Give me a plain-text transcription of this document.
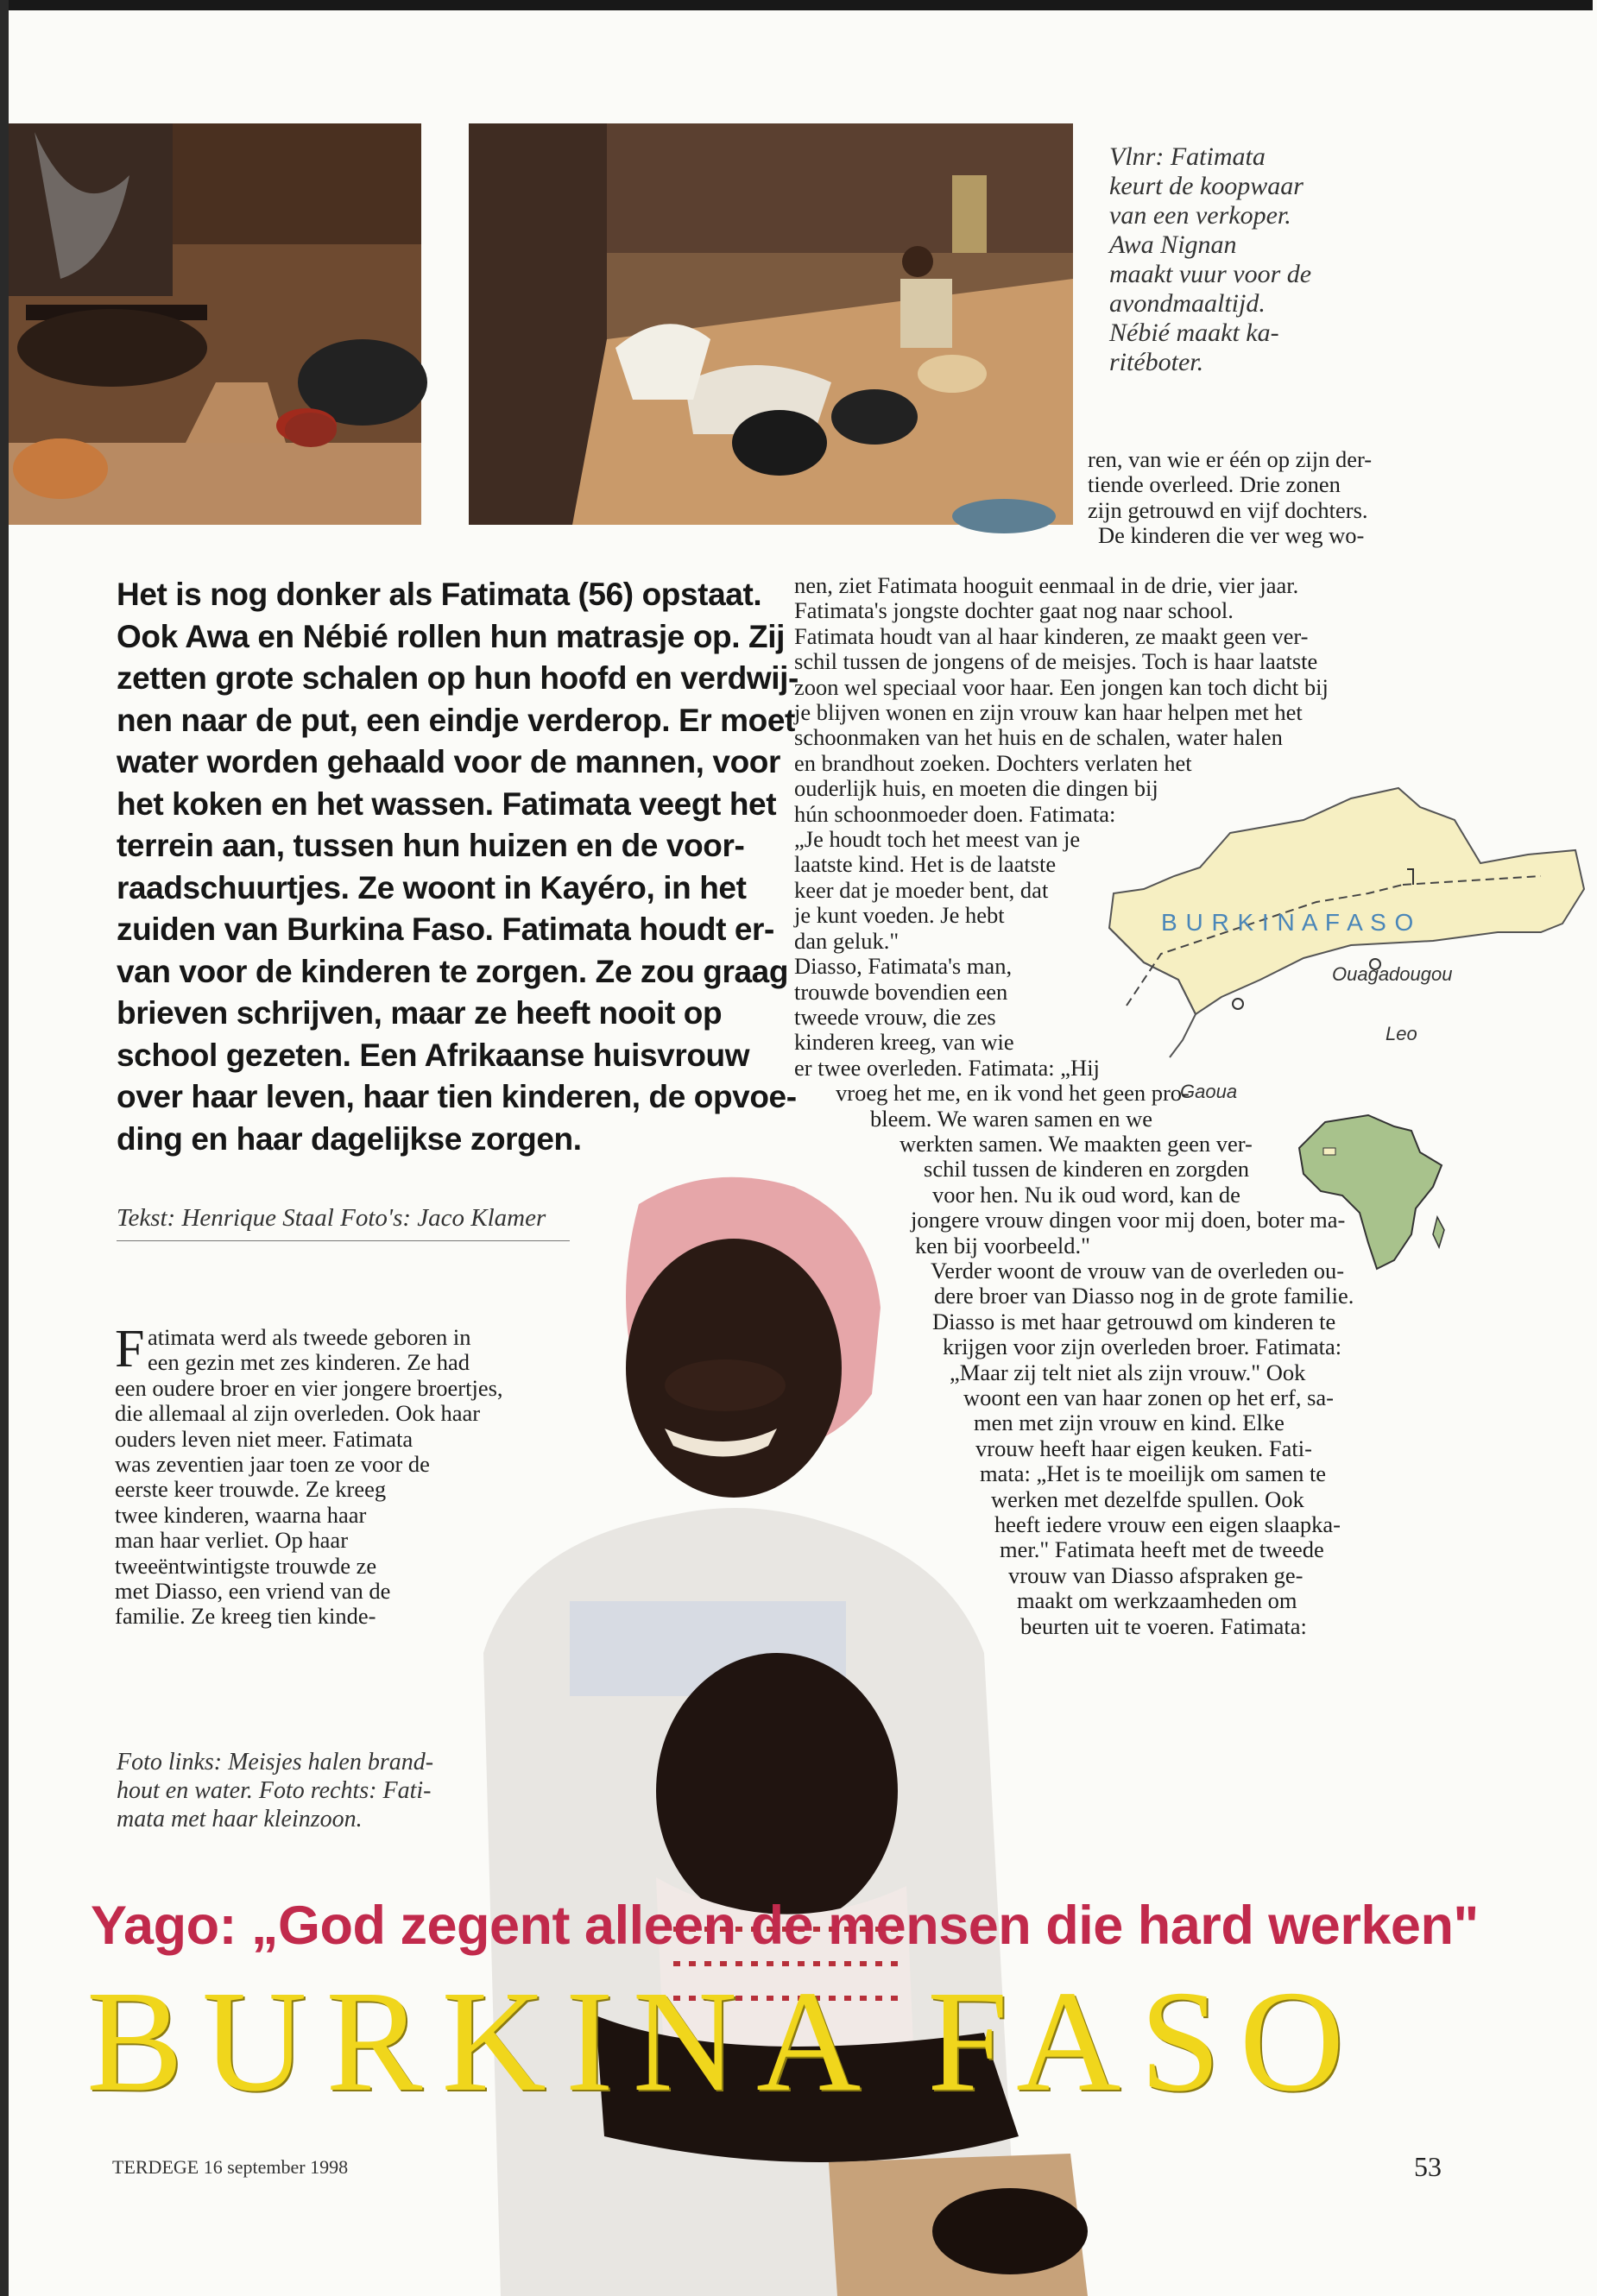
Vlnr: Fatimata
keurt de koopwaar
van een verkoper.
Awa Nignan
maakt vuur voor de
avondmaaltijd.
Nébié maakt ka-
ritéboter.
Het is nog donker als Fatimata (56) opstaat.
Ook Awa en Nébié rollen hun matrasje op. Zij
zetten grote schalen op hun hoofd en verdwij-
nen naar de put, een eindje verderop. Er moet
water worden gehaald voor de mannen, voor
het koken en het wassen. Fatimata veegt het
terrein aan, tussen hun huizen en de voor-
raadschuurtjes. Ze woont in Kayéro, in het
zuiden van Burkina Faso. Fatimata houdt er-
van voor de kinderen te zorgen. Ze zou graag
brieven schrijven, maar ze heeft nooit op
school gezeten. Een Afrikaanse huisvrouw
over haar leven, haar tien kinderen, de opvoe-
ding en haar dagelijkse zorgen.
Tekst: Henrique Staal Foto's: Jaco Klamer
F atimata werd als tweede geboren in
een gezin met zes kinderen. Ze had
een oudere broer en vier jongere broertjes,
die allemaal al zijn overleden. Ook haar
ouders leven niet meer. Fatimata
was zeventien jaar toen ze voor de
eerste keer trouwde. Ze kreeg
twee kinderen, waarna haar
man haar verliet. Op haar
tweeëntwintigste trouwde ze
met Diasso, een vriend van de
familie. Ze kreeg tien kinde-
Foto links: Meisjes halen brand-
hout en water. Foto rechts: Fati-
mata met haar kleinzoon.
ren, van wie er één op zijn der-
tiende overleed. Drie zonen
zijn getrouwd en vijf dochters.
De kinderen die ver weg wo-
B U R K I N A F A S O
Ouagadougou
Leo
Gaoua
nen, ziet Fatimata hooguit eenmaal in de drie, vier jaar.
Fatimata's jongste dochter gaat nog naar school.
Fatimata houdt van al haar kinderen, ze maakt geen ver-
schil tussen de jongens of de meisjes. Toch is haar laatste
zoon wel speciaal voor haar. Een jongen kan toch dicht bij
je blijven wonen en zijn vrouw kan haar helpen met het
schoonmaken van het huis en de schalen, water halen
en brandhout zoeken. Dochters verlaten het
ouderlijk huis, en moeten die dingen bij
hún schoonmoeder doen. Fatimata:
„Je houdt toch het meest van je
laatste kind. Het is de laatste
keer dat je moeder bent, dat
je kunt voeden. Je hebt
dan geluk."
Diasso, Fatimata's man,
trouwde bovendien een
tweede vrouw, die zes
kinderen kreeg, van wie
er twee overleden. Fatimata: „Hij
vroeg het me, en ik vond het geen pro-
bleem. We waren samen en we
werkten samen. We maakten geen ver-
schil tussen de kinderen en zorgden
voor hen. Nu ik oud word, kan de
jongere vrouw dingen voor mij doen, boter ma-
ken bij voorbeeld."
Verder woont de vrouw van de overleden ou-
dere broer van Diasso nog in de grote familie.
Diasso is met haar getrouwd om kinderen te
krijgen voor zijn overleden broer. Fatimata:
„Maar zij telt niet als zijn vrouw." Ook
woont een van haar zonen op het erf, sa-
men met zijn vrouw en kind. Elke
vrouw heeft haar eigen keuken. Fati-
mata: „Het is te moeilijk om samen te
werken met dezelfde spullen. Ook
heeft iedere vrouw een eigen slaapka-
mer." Fatimata heeft met de tweede
vrouw van Diasso afspraken ge-
maakt om werkzaamheden om
beurten uit te voeren. Fatimata:
Yago: „God zegent alleen de mensen die hard werken"
BURKINA FASO
TERDEGE 16 september 1998	53
